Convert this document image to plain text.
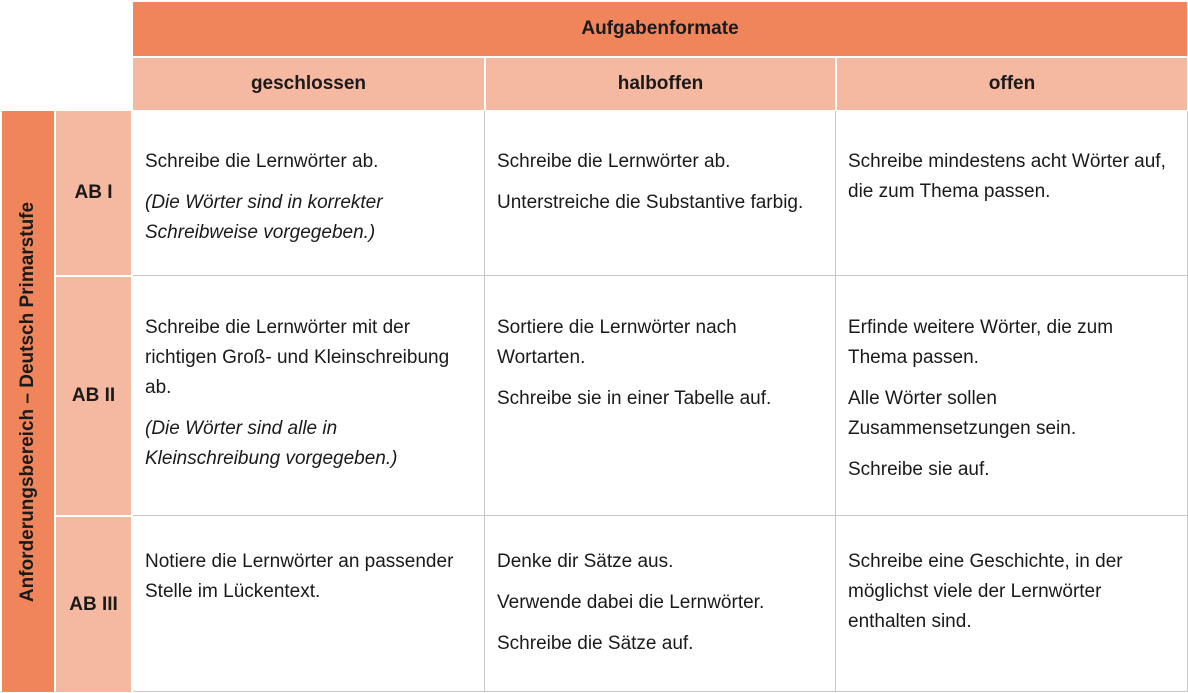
Aufgabenformate
geschlossen	halboffen	offen
Anforderungsbereich – Deutsch Primarstufe
AB I
AB II
AB III

Schreibe die Lernwörter ab.

(Die Wörter sind in korrekter Schreibweise vorgegeben.)

Schreibe die Lernwörter ab.

Unterstreiche die Substantive farbig.

Schreibe mindestens acht Wörter auf, die zum Thema passen.

Schreibe die Lernwörter mit der richtigen Groß- und Kleinschreibung ab.

(Die Wörter sind alle in Kleinschreibung vorgegeben.)

Sortiere die Lernwörter nach Wortarten.

Schreibe sie in einer Tabelle auf.

Erfinde weitere Wörter, die zum Thema passen.

Alle Wörter sollen Zusammensetzungen sein.

Schreibe sie auf.

Notiere die Lernwörter an passender Stelle im Lückentext.

Denke dir Sätze aus.

Verwende dabei die Lernwörter.

Schreibe die Sätze auf.

Schreibe eine Geschichte, in der möglichst viele der Lernwörter enthalten sind.
